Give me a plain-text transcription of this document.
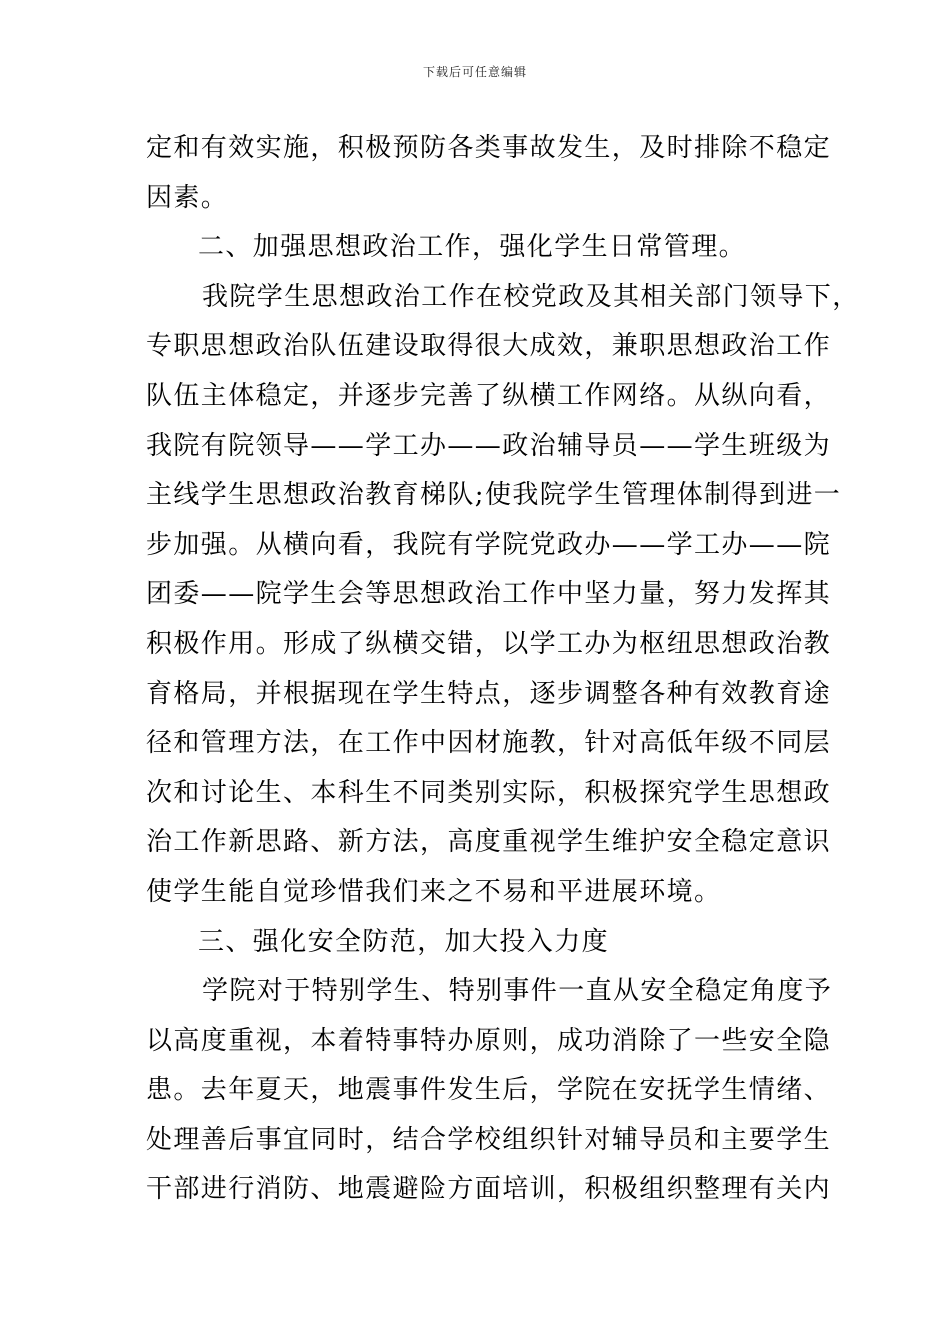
下载后可任意编辑
定和有效实施，积极预防各类事故发生，及时排除不稳定
因素。
二、加强思想政治工作，强化学生日常管理。
我院学生思想政治工作在校党政及其相关部门领导下，
专职思想政治队伍建设取得很大成效，兼职思想政治工作
队伍主体稳定，并逐步完善了纵横工作网络。从纵向看，
我院有院领导——学工办——政治辅导员——学生班级为
主线学生思想政治教育梯队;使我院学生管理体制得到进一
步加强。从横向看，我院有学院党政办——学工办——院
团委——院学生会等思想政治工作中坚力量，努力发挥其
积极作用。形成了纵横交错，以学工办为枢纽思想政治教
育格局，并根据现在学生特点，逐步调整各种有效教育途
径和管理方法，在工作中因材施教，针对高低年级不同层
次和讨论生、本科生不同类别实际，积极探究学生思想政
治工作新思路、新方法，高度重视学生维护安全稳定意识
使学生能自觉珍惜我们来之不易和平进展环境。
三、强化安全防范，加大投入力度
学院对于特别学生、特别事件一直从安全稳定角度予
以高度重视，本着特事特办原则，成功消除了一些安全隐
患。去年夏天，地震事件发生后，学院在安抚学生情绪、
处理善后事宜同时，结合学校组织针对辅导员和主要学生
干部进行消防、地震避险方面培训，积极组织整理有关内
